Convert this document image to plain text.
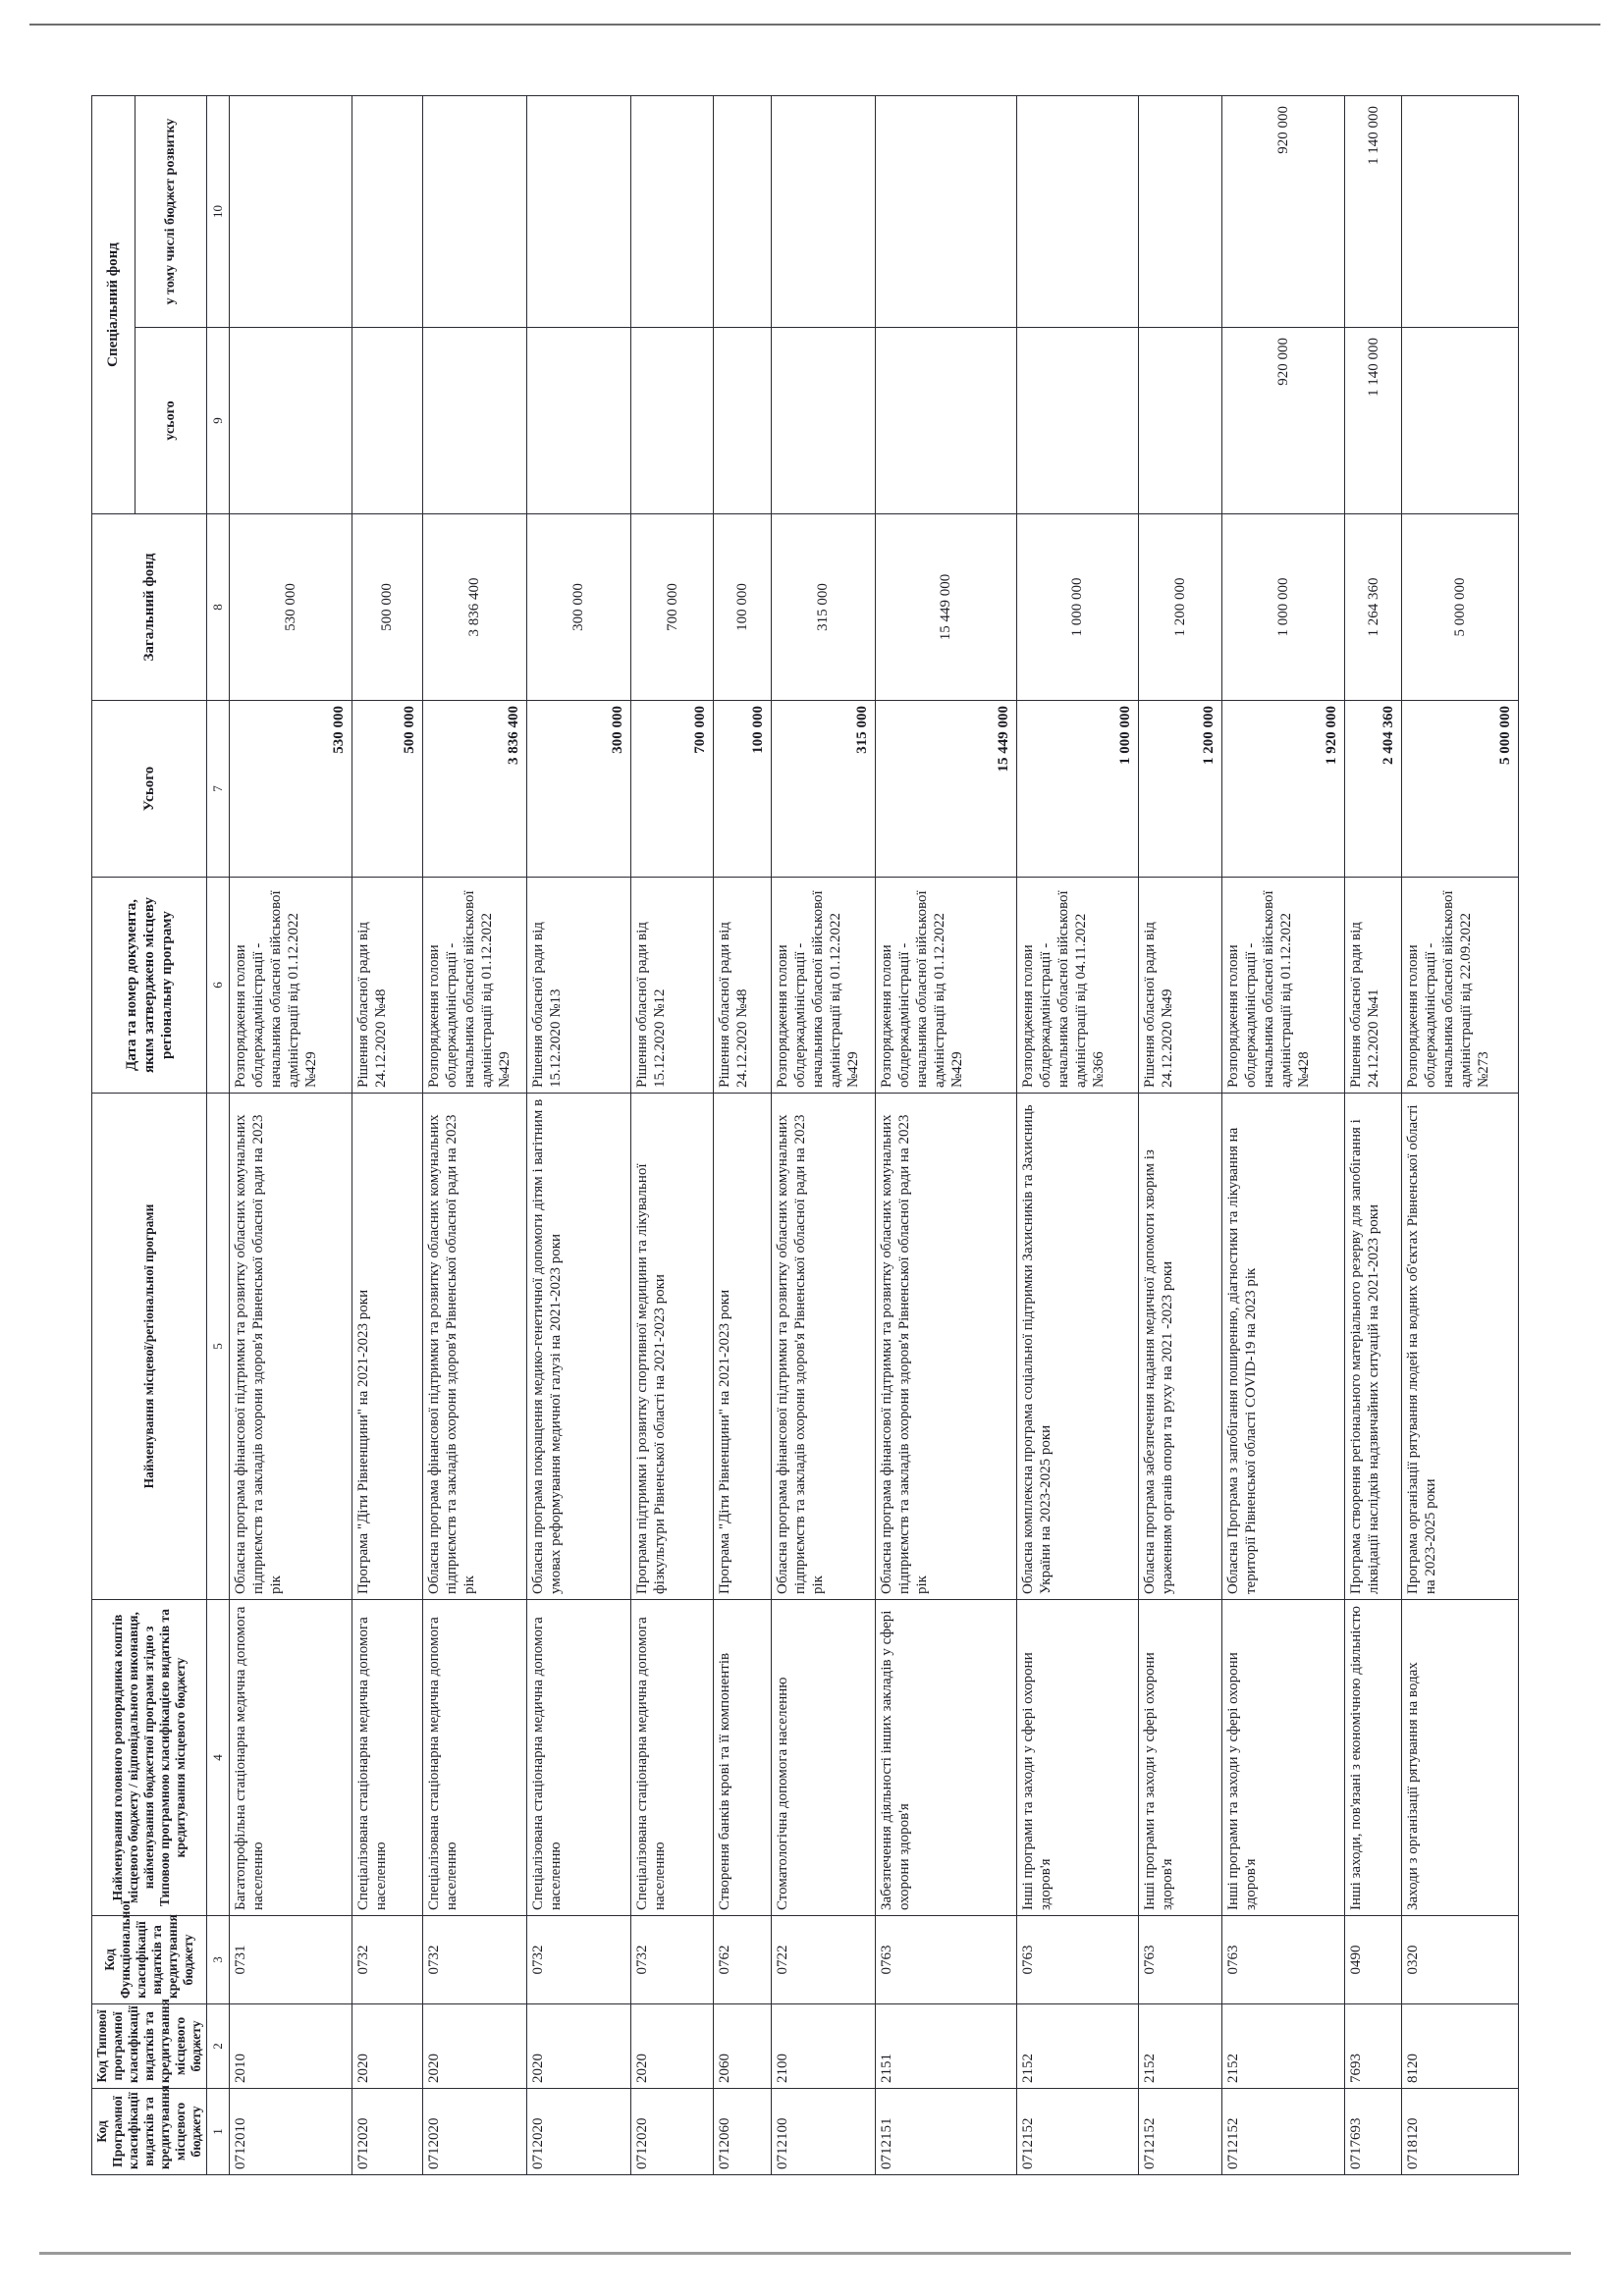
Код Програмної класифікації видатків та кредитування місцевого бюджету	Код Типової програмної класифікації видатків та кредитування місцевого бюджету	Код Функціональної класифікації видатків та кредитування бюджету	Найменування головного розпорядника коштів місцевого бюджету / відповідального виконавця, найменування бюджетної програми згідно з Типовою програмною класифікацією видатків та кредитування місцевого бюджету	Найменування місцевої/регіональної програми	Дата та номер документа, яким затверджено місцеву регіональну програму	Усього	Загальний фонд	Спеціальний фонд	
								усього	у тому числі бюджет розвитку

1	2	3	4	5	6	7	8	9	10
0712010	2010	0731	Багатопрофільна стаціонарна медична допомога населенню	Обласна програма фінансової підтримки та розвитку обласних комунальних підприємств та закладів охорони здоров'я Рівненської обласної ради на 2023 рік	Розпорядження голови облдержадміністрації - начальника обласної військової адміністрації від 01.12.2022 №429	530 000	530 000		
0712020	2020	0732	Спеціалізована стаціонарна медична допомога населенню	Програма "Діти Рівненщини" на 2021-2023 роки	Рішення обласної ради від 24.12.2020 №48	500 000	500 000		
0712020	2020	0732	Спеціалізована стаціонарна медична допомога населенню	Обласна програма фінансової підтримки та розвитку обласних комунальних підприємств та закладів охорони здоров'я Рівненської обласної ради на 2023 рік	Розпорядження голови облдержадміністрації - начальника обласної військової адміністрації від 01.12.2022 №429	3 836 400	3 836 400		
0712020	2020	0732	Спеціалізована стаціонарна медична допомога населенню	Обласна програма покращення медико-генетичної допомоги дітям і вагітним в умовах реформування медичної галузі на 2021-2023 роки	Рішення обласної ради від 15.12.2020 №13	300 000	300 000		
0712020	2020	0732	Спеціалізована стаціонарна медична допомога населенню	Програма підтримки і розвитку спортивної медицини та лікувальної фізкультури Рівненської області на 2021-2023 роки	Рішення обласної ради від 15.12.2020 №12	700 000	700 000		
0712060	2060	0762	Створення банків крові та її компонентів	Програма "Діти Рівненщини" на 2021-2023 роки	Рішення обласної ради від 24.12.2020 №48	100 000	100 000		
0712100	2100	0722	Стоматологічна допомога населенню	Обласна програма фінансової підтримки та розвитку обласних комунальних підприємств та закладів охорони здоров'я Рівненської обласної ради на 2023 рік	Розпорядження голови облдержадміністрації - начальника обласної військової адміністрації від 01.12.2022 №429	315 000	315 000		
0712151	2151	0763	Забезпечення діяльності інших закладів у сфері охорони здоров'я	Обласна програма фінансової підтримки та розвитку обласних комунальних підприємств та закладів охорони здоров'я Рівненської обласної ради на 2023 рік	Розпорядження голови облдержадміністрації - начальника обласної військової адміністрації від 01.12.2022 №429	15 449 000	15 449 000		
0712152	2152	0763	Інші програми та заходи у сфері охорони здоров'я	Обласна комплексна програма соціальної підтримки Захисників та Захисниць України на 2023-2025 роки	Розпорядження голови облдержадміністрації - начальника обласної військової адміністрації від 04.11.2022 №366	1 000 000	1 000 000		
0712152	2152	0763	Інші програми та заходи у сфері охорони здоров'я	Обласна програма забезпечення надання медичної допомоги хворим із ураженням органів опори та руху на 2021 -2023 роки	Рішення обласної ради від 24.12.2020 №49	1 200 000	1 200 000		
0712152	2152	0763	Інші програми та заходи у сфері охорони здоров'я	Обласна Програма з запобігання поширенню, діагностики та лікування на території Рівненської області COVID-19 на 2023 рік	Розпорядження голови облдержадміністрації - начальника обласної військової адміністрації від 01.12.2022 №428	1 920 000	1 000 000	920 000	920 000
0717693	7693	0490	Інші заходи, пов'язані з економічною діяльністю	Програма створення регіонального матеріального резерву для запобігання і ліквідації наслідків надзвичайних ситуацій на 2021-2023 роки	Рішення обласної ради від 24.12.2020 №41	2 404 360	1 264 360	1 140 000	1 140 000
0718120	8120	0320	Заходи з організації рятування на водах	Програма організації рятування людей на водних об'єктах Рівненської області на 2023-2025 роки	Розпорядження голови облдержадміністрації - начальника обласної військової адміністрації від 22.09.2022 №273	5 000 000	5 000 000		
